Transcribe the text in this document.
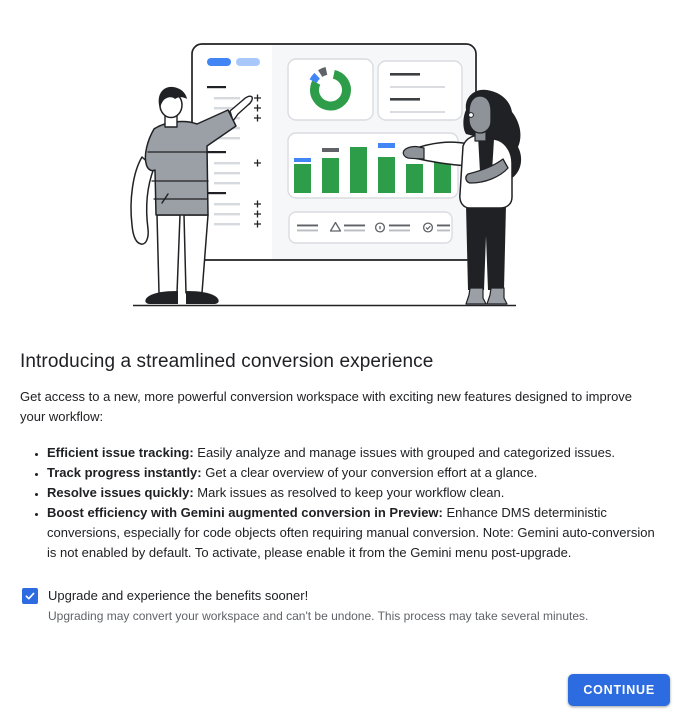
Introducing a streamlined conversion experience

Get access to a new, more powerful conversion workspace with exciting new features designed to improve your workflow:

• Efficient issue tracking: Easily analyze and manage issues with grouped and categorized issues.
• Track progress instantly: Get a clear overview of your conversion effort at a glance.
• Resolve issues quickly: Mark issues as resolved to keep your workflow clean.
• Boost efficiency with Gemini augmented conversion in Preview: Enhance DMS deterministic conversions, especially for code objects often requiring manual conversion. Note: Gemini auto-conversion is not enabled by default. To activate, please enable it from the Gemini menu post-upgrade.
Upgrade and experience the benefits sooner!
Upgrading may convert your workspace and can't be undone. This process may take several minutes.
CONTINUE
